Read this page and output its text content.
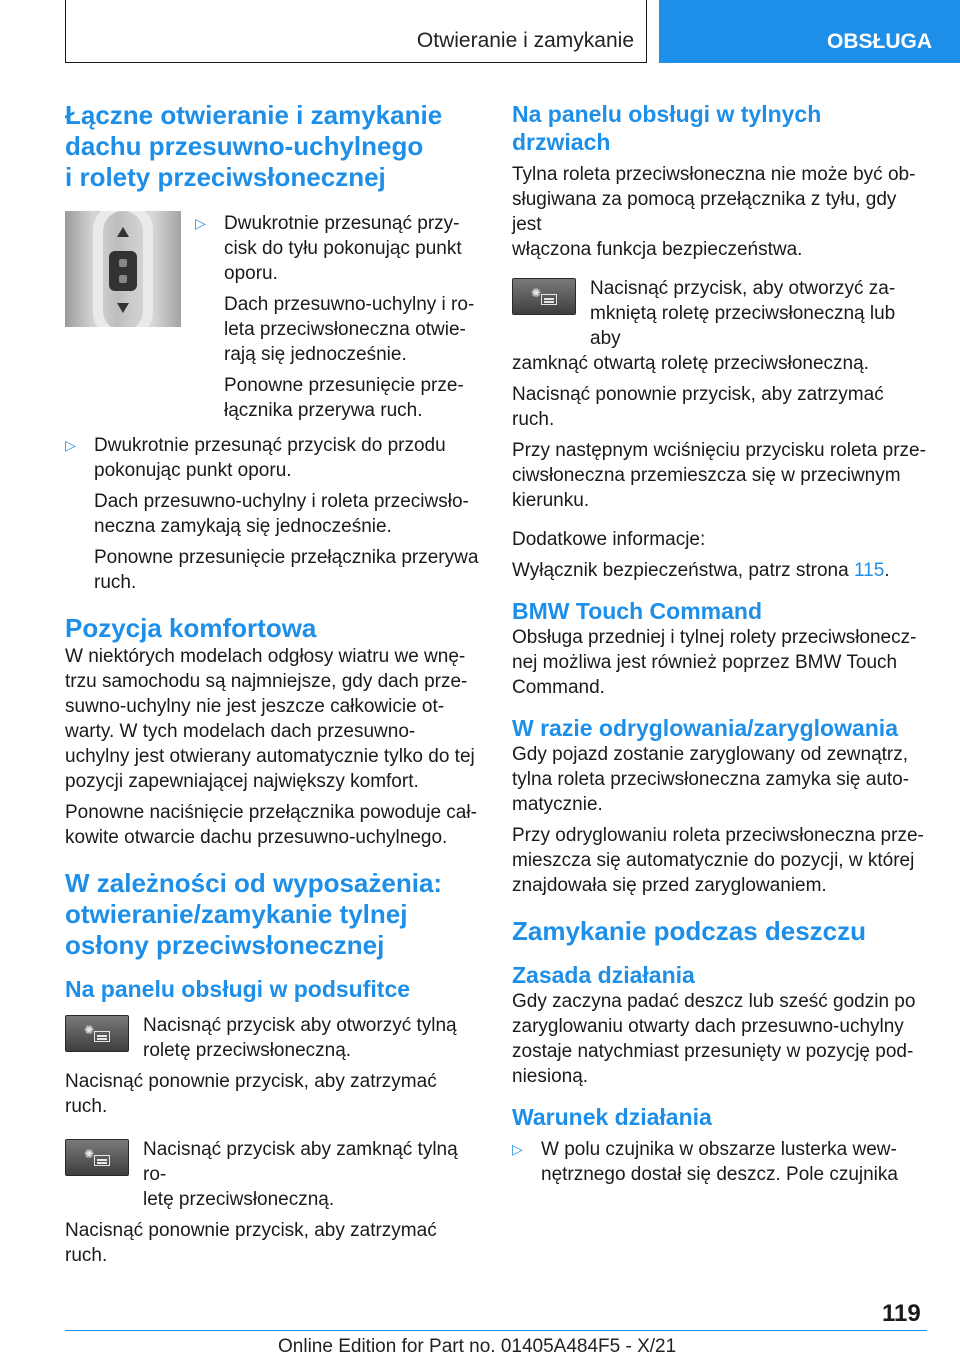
Otwieranie i zamykanie	OBSŁUGA
Łączne otwieranie i zamykanie
dachu przesuwno-uchylnego
i rolety przeciwsłonecznej
▷ Dwukrotnie przesunąć przy‐
cisk do tyłu pokonując punkt
oporu.

Dach przesuwno-uchylny i ro‐
leta przeciwsłoneczna otwie‐
rają się jednocześnie.

Ponowne przesunięcie prze‐
łącznika przerywa ruch.

▷ Dwukrotnie przesunąć przycisk do przodu
pokonując punkt oporu.

Dach przesuwno-uchylny i roleta przeciwsło‐
neczna zamykają się jednocześnie.

Ponowne przesunięcie przełącznika przerywa
ruch.

Pozycja komfortowa

W niektórych modelach odgłosy wiatru we wnę‐
trzu samochodu są najmniejsze, gdy dach prze‐
suwno-uchylny nie jest jeszcze całkowicie ot‐
warty. W tych modelach dach przesuwno-
uchylny jest otwierany automatycznie tylko do tej
pozycji zapewniającej największy komfort.

Ponowne naciśnięcie przełącznika powoduje cał‐
kowite otwarcie dachu przesuwno-uchylnego.

W zależności od wyposażenia:
otwieranie/zamykanie tylnej
osłony przeciwsłonecznej
Na panelu obsługi w podsufitce
✺	Nacisnąć przycisk aby otworzyć tylną
roletę przeciwsłoneczną.

Nacisnąć ponownie przycisk, aby zatrzymać ruch.

✺	Nacisnąć przycisk aby zamknąć tylną ro‐
letę przeciwsłoneczną.

Nacisnąć ponownie przycisk, aby zatrzymać ruch.

Na panelu obsługi w tylnych
drzwiach

Tylna roleta przeciwsłoneczna nie może być ob‐
sługiwana za pomocą przełącznika z tyłu, gdy jest
włączona funkcja bezpieczeństwa.

✺	Nacisnąć przycisk, aby otworzyć za‐
mkniętą roletę przeciwsłoneczną lub aby

zamknąć otwartą roletę przeciwsłoneczną.

Nacisnąć ponownie przycisk, aby zatrzymać ruch.

Przy następnym wciśnięciu przycisku roleta prze‐
ciwsłoneczna przemieszcza się w przeciwnym
kierunku.

Dodatkowe informacje:

Wyłącznik bezpieczeństwa, patrz strona 115.

BMW Touch Command

Obsługa przedniej i tylnej rolety przeciwsłonecz‐
nej możliwa jest również poprzez BMW Touch
Command.

W razie odryglowania/zaryglowania

Gdy pojazd zostanie zaryglowany od zewnątrz,
tylna roleta przeciwsłoneczna zamyka się auto‐
matycznie.

Przy odryglowaniu roleta przeciwsłoneczna prze‐
mieszcza się automatycznie do pozycji, w której
znajdowała się przed zaryglowaniem.

Zamykanie podczas deszczu
Zasada działania

Gdy zaczyna padać deszcz lub sześć godzin po
zaryglowaniu otwarty dach przesuwno-uchylny
zostaje natychmiast przesunięty w pozycję pod‐
niesioną.

Warunek działania
▷ W polu czujnika w obszarze lusterka wew‐
nętrznego dostał się deszcz. Pole czujnika

119
Online Edition for Part no. 01405A484F5 - X/21
